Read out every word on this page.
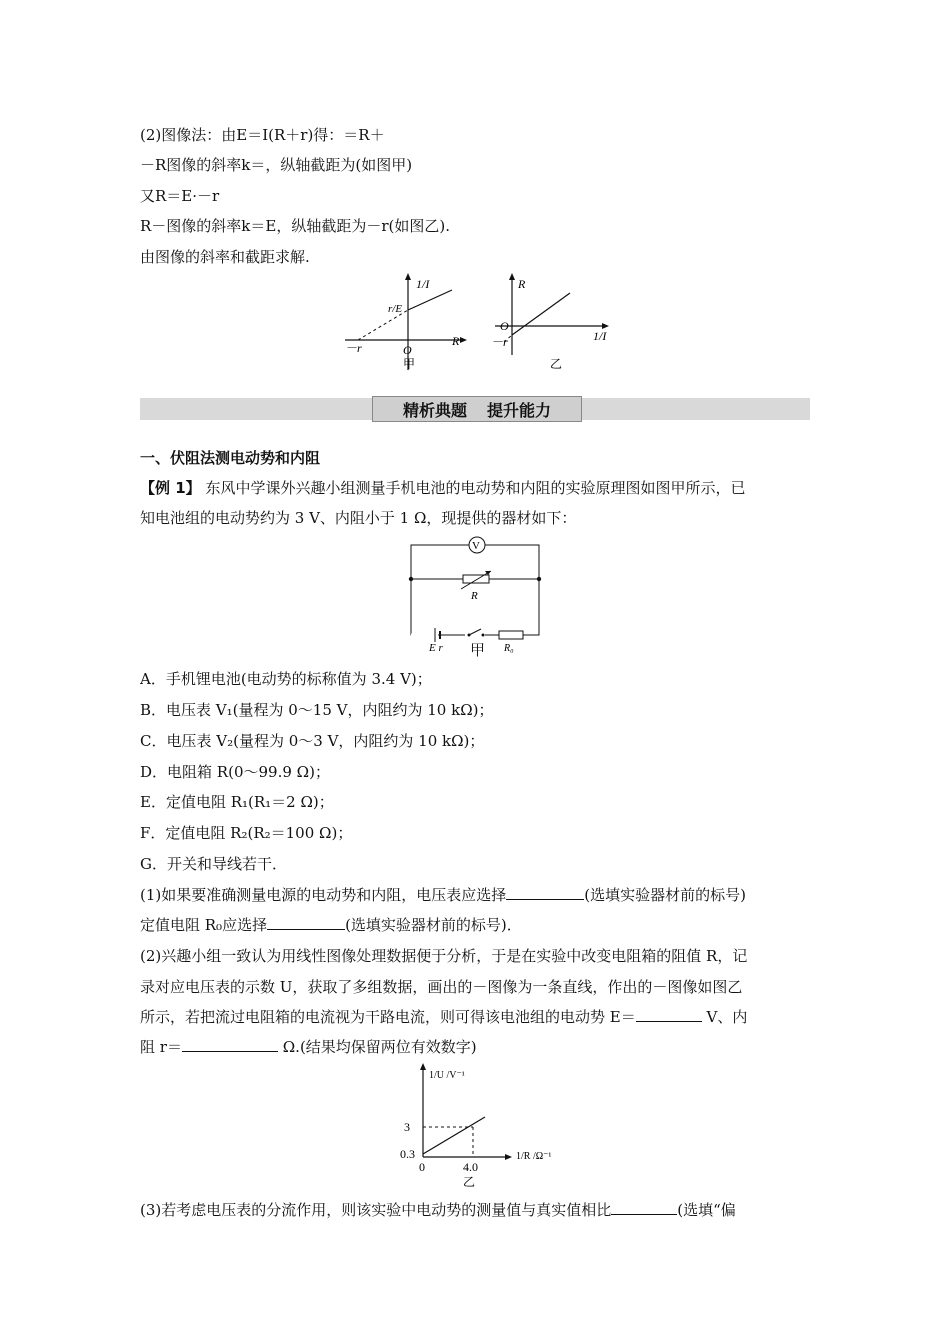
(2)图像法：由E＝I(R＋r)得：＝R＋
－R图像的斜率k＝，纵轴截距为(如图甲)
又R＝E·－r
R－图像的斜率k＝E，纵轴截距为－r(如图乙).
由图像的斜率和截距求解.
1/I
R
O
r/E
－r
甲
R
1/I
O
－r
乙
精析典题 提升能力
一、伏阻法测电动势和内阻
【例 1】 东风中学课外兴趣小组测量手机电池的电动势和内阻的实验原理图如图甲所示，已
知电池组的电动势约为 3 V、内阻小于 1 Ω，现提供的器材如下：
V
R
E r	R₀
甲
A．手机锂电池(电动势的标称值为 3.4 V)；
B．电压表 V₁(量程为 0～15 V，内阻约为 10 kΩ)；
C．电压表 V₂(量程为 0～3 V，内阻约为 10 kΩ)；
D．电阻箱 R(0～99.9 Ω)；
E．定值电阻 R₁(R₁＝2 Ω)；
F．定值电阻 R₂(R₂＝100 Ω)；
G．开关和导线若干．
(1)如果要准确测量电源的电动势和内阻，电压表应选择	(选填实验器材前的标号)
定值电阻 R₀应选择	(选填实验器材前的标号)．
(2)兴趣小组一致认为用线性图像处理数据便于分析，于是在实验中改变电阻箱的阻值 R，记
录对应电压表的示数 U，获取了多组数据，画出的－图像为一条直线，作出的－图像如图乙
所示，若把流过电阻箱的电流视为干路电流，则可得该电池组的电动势 E＝	V、内
阻 r＝	Ω.(结果均保留两位有效数字)
3
0.3
0	4.0
1/U /V⁻¹
1/R /Ω⁻¹
乙
(3)若考虑电压表的分流作用，则该实验中电动势的测量值与真实值相比	(选填“偏
